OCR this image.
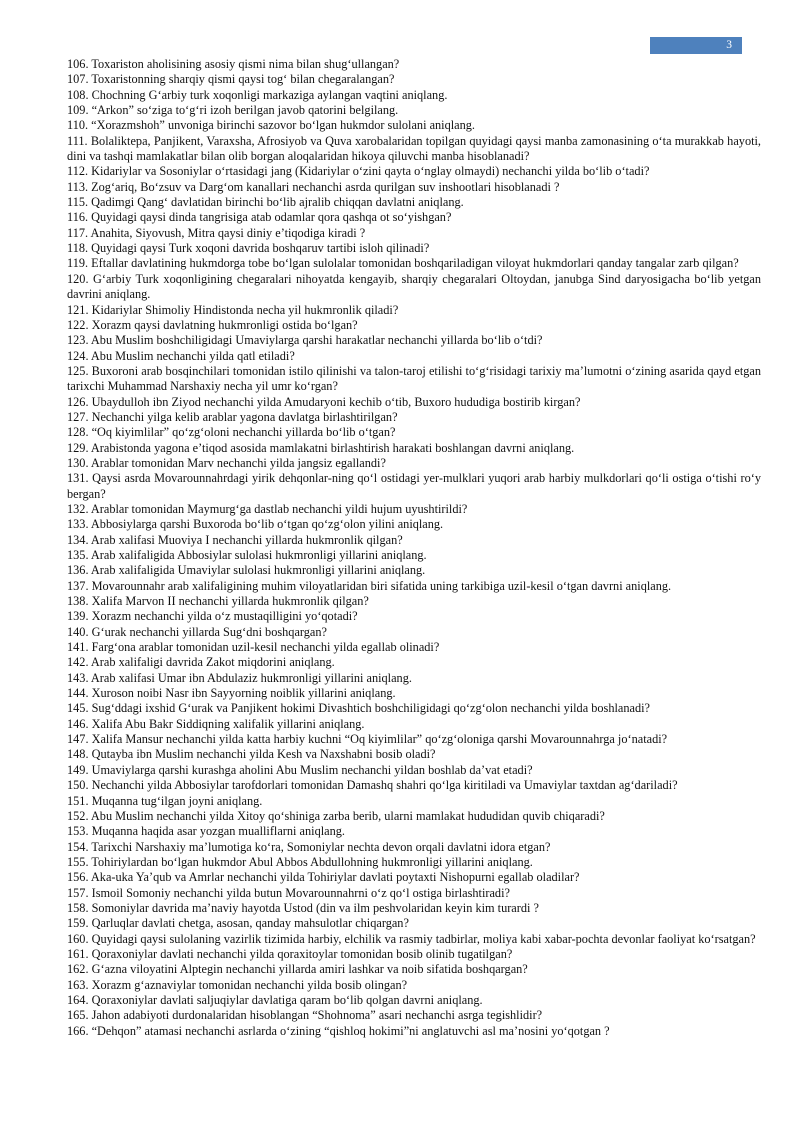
3

106. Toxariston aholisining asosiy qismi nima bilan shug‘ullangan?

107. Toxaristonning sharqiy qismi qaysi tog‘ bilan chegaralangan?

108. Chochning G‘arbiy turk xoqonligi markaziga aylangan vaqtini aniqlang.

109. “Arkon” so‘ziga to‘g‘ri izoh berilgan javob qatorini belgilang.

110. “Xorazmshoh” unvoniga birinchi sazovor bo‘lgan hukmdor sulolani aniqlang.

111. Bolaliktepa, Panjikent, Varaxsha, Afrosiyob va Quva xarobalaridan topilgan quyidagi qaysi manba zamonasining o‘ta murakkab hayoti, dini va tashqi mamlakatlar bilan olib borgan aloqalaridan hikoya qiluvchi manba hisoblanadi?

112. Kidariylar va Sosoniylar o‘rtasidagi jang (Kidariylar o‘zini qayta o‘nglay olmaydi) nechanchi yilda bo‘lib o‘tadi?

113. Zog‘ariq, Bo‘zsuv va Darg‘om kanallari nechanchi asrda qurilgan suv inshootlari hisoblanadi ?

115. Qadimgi Qang‘ davlatidan birinchi bo‘lib ajralib chiqqan davlatni aniqlang.

116. Quyidagi qaysi dinda tangrisiga atab odamlar qora qashqa ot so‘yishgan?

117. Anahita, Siyovush, Mitra qaysi diniy e’tiqodiga kiradi ?

118. Quyidagi qaysi Turk xoqoni davrida boshqaruv tartibi isloh qilinadi?

119. Eftallar davlatining hukmdorga tobe bo‘lgan sulolalar tomonidan boshqariladigan viloyat hukmdorlari qanday tangalar zarb qilgan?

120. G‘arbiy Turk xoqonligining chegaralari nihoyatda kengayib, sharqiy chegaralari Oltoydan, janubga Sind daryosigacha bo‘lib yetgan davrini aniqlang.

121. Kidariylar Shimoliy Hindistonda necha yil hukmronlik qiladi?

122. Xorazm qaysi davlatning hukmronligi ostida bo‘lgan?

123. Abu Muslim boshchiligidagi Umaviylarga qarshi harakatlar nechanchi yillarda bo‘lib o‘tdi?

124. Abu Muslim nechanchi yilda qatl etiladi?

125. Buxoroni arab bosqinchilari tomonidan istilo qilinishi va talon-taroj etilishi to‘g‘risidagi tarixiy ma’lumotni o‘zining asarida qayd etgan tarixchi Muhammad Narshaxiy necha yil umr ko‘rgan?

126. Ubaydulloh ibn Ziyod nechanchi yilda Amudaryoni kechib o‘tib, Buxoro hududiga bostirib kirgan?

127. Nechanchi yilga kelib arablar yagona davlatga birlashtirilgan?

128. “Oq kiyimlilar” qo‘zg‘oloni nechanchi yillarda bo‘lib o‘tgan?

129. Arabistonda yagona e’tiqod asosida mamlakatni birlashtirish harakati boshlangan davrni aniqlang.

130. Arablar tomonidan Marv nechanchi yilda jangsiz egallandi?

131. Qaysi asrda Movarounnahrdagi yirik dehqonlar-ning qo‘l ostidagi yer-mulklari yuqori arab harbiy mulkdorlari qo‘li ostiga o‘tishi ro‘y bergan?

132. Arablar tomonidan Maymurg‘ga dastlab nechanchi yildi hujum uyushtirildi?

133. Abbosiylarga qarshi Buxoroda bo‘lib o‘tgan qo‘zg‘olon yilini aniqlang.

134. Arab xalifasi Muoviya I nechanchi yillarda hukmronlik qilgan?

135. Arab xalifaligida Abbosiylar sulolasi hukmronligi yillarini aniqlang.

136. Arab xalifaligida Umaviylar sulolasi hukmronligi yillarini aniqlang.

137. Movarounnahr arab xalifaligining muhim viloyatlaridan biri sifatida uning tarkibiga uzil-kesil o‘tgan davrni aniqlang.

138. Xalifa Marvon II nechanchi yillarda hukmronlik qilgan?

139. Xorazm nechanchi yilda o‘z mustaqilligini yo‘qotadi?

140. G‘urak nechanchi yillarda Sug‘dni boshqargan?

141. Farg‘ona arablar tomonidan uzil-kesil nechanchi yilda egallab olinadi?

142. Arab xalifaligi davrida Zakot miqdorini aniqlang.

143. Arab xalifasi Umar ibn Abdulaziz hukmronligi yillarini aniqlang.

144. Xuroson noibi Nasr ibn Sayyorning noiblik yillarini aniqlang.

145. Sug‘ddagi ixshid G‘urak va Panjikent hokimi Divashtich boshchiligidagi qo‘zg‘olon nechanchi yilda boshlanadi?

146. Xalifa Abu Bakr Siddiqning xalifalik yillarini aniqlang.

147. Xalifa Mansur nechanchi yilda katta harbiy kuchni “Oq kiyimlilar” qo‘zg‘oloniga qarshi Movarounnahrga jo‘natadi?

148. Qutayba ibn Muslim nechanchi yilda Kesh va Naxshabni bosib oladi?

149. Umaviylarga qarshi kurashga aholini Abu Muslim nechanchi yildan boshlab da’vat etadi?

150. Nechanchi yilda Abbosiylar tarofdorlari tomonidan Damashq shahri qo‘lga kiritiladi va Umaviylar taxtdan ag‘dariladi?

151. Muqanna tug‘ilgan joyni aniqlang.

152. Abu Muslim nechanchi yilda Xitoy qo‘shiniga zarba berib, ularni mamlakat hududidan quvib chiqaradi?

153. Muqanna haqida asar yozgan mualliflarni aniqlang.

154. Tarixchi Narshaxiy ma’lumotiga ko‘ra, Somoniylar nechta devon orqali davlatni idora etgan?

155. Tohiriylardan bo‘lgan hukmdor Abul Abbos Abdullohning hukmronligi yillarini aniqlang.

156. Aka-uka Ya’qub va Amrlar nechanchi yilda Tohiriylar davlati poytaxti Nishopurni egallab oladilar?

157. Ismoil Somoniy nechanchi yilda butun Movarounnahrni o‘z qo‘l ostiga birlashtiradi?

158. Somoniylar davrida ma’naviy hayotda Ustod (din va ilm peshvolaridan keyin kim turardi ?

159. Qarluqlar davlati chetga, asosan, qanday mahsulotlar chiqargan?

160. Quyidagi qaysi sulolaning vazirlik tizimida harbiy, elchilik va rasmiy tadbirlar, moliya kabi xabar-pochta devonlar faoliyat ko‘rsatgan?

161. Qoraxoniylar davlati nechanchi yilda qoraxitoylar tomonidan bosib olinib tugatilgan?

162. G‘azna viloyatini Alptegin nechanchi yillarda amiri lashkar va noib sifatida boshqargan?

163. Xorazm g‘aznaviylar tomonidan nechanchi yilda bosib olingan?

164. Qoraxoniylar davlati saljuqiylar davlatiga qaram bo‘lib qolgan davrni aniqlang.

165. Jahon adabiyoti durdonalaridan hisoblangan “Shohnoma” asari nechanchi asrga tegishlidir?

166. “Dehqon” atamasi nechanchi asrlarda o‘zining “qishloq hokimi”ni anglatuvchi asl ma’nosini yo‘qotgan ?
